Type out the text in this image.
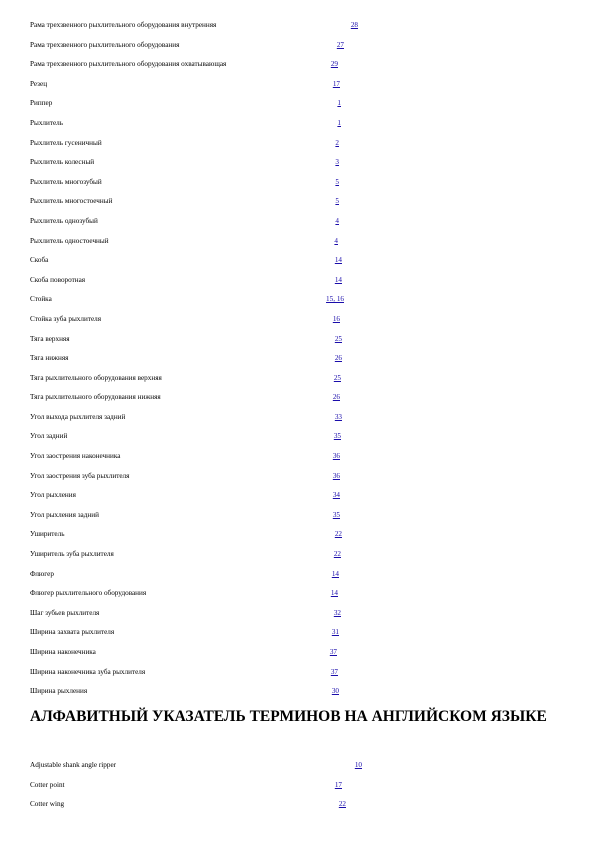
Рама трехзвенного рыхлительного оборудования внутренняя	28
Рама трехзвенного рыхлительного оборудования	27
Рама трехзвенного рыхлительного оборудования охватывающая	29
Резец	17
Риппер	1
Рыхлитель	1
Рыхлитель гусеничный	2
Рыхлитель колесный	3
Рыхлитель многозубый	5
Рыхлитель многостоечный	5
Рыхлитель однозубый	4
Рыхлитель одностоечный	4
Скоба	14
Скоба поворотная	14
Стойка	15, 16
Стойка зуба рыхлителя	16
Тяга верхняя	25
Тяга нижняя	26
Тяга рыхлительного оборудования верхняя	25
Тяга рыхлительного оборудования нижняя	26
Угол выхода рыхлителя задний	33
Угол задний	35
Угол заострения наконечника	36
Угол заострения зуба рыхлителя	36
Угол рыхления	34
Угол рыхления задний	35
Уширитель	22
Уширитель зуба рыхлителя	22
Флюгер	14
Флюгер рыхлительного оборудования	14
Шаг зубьев рыхлителя	32
Ширина захвата рыхлителя	31
Ширина наконечника	37
Ширина наконечника зуба рыхлителя	37
Ширина рыхления	30
АЛФАВИТНЫЙ УКАЗАТЕЛЬ ТЕРМИНОВ НА АНГЛИЙСКОМ ЯЗЫКЕ
Adjustable shank angle ripper	10
Cotter point	17
Cotter wing	22
